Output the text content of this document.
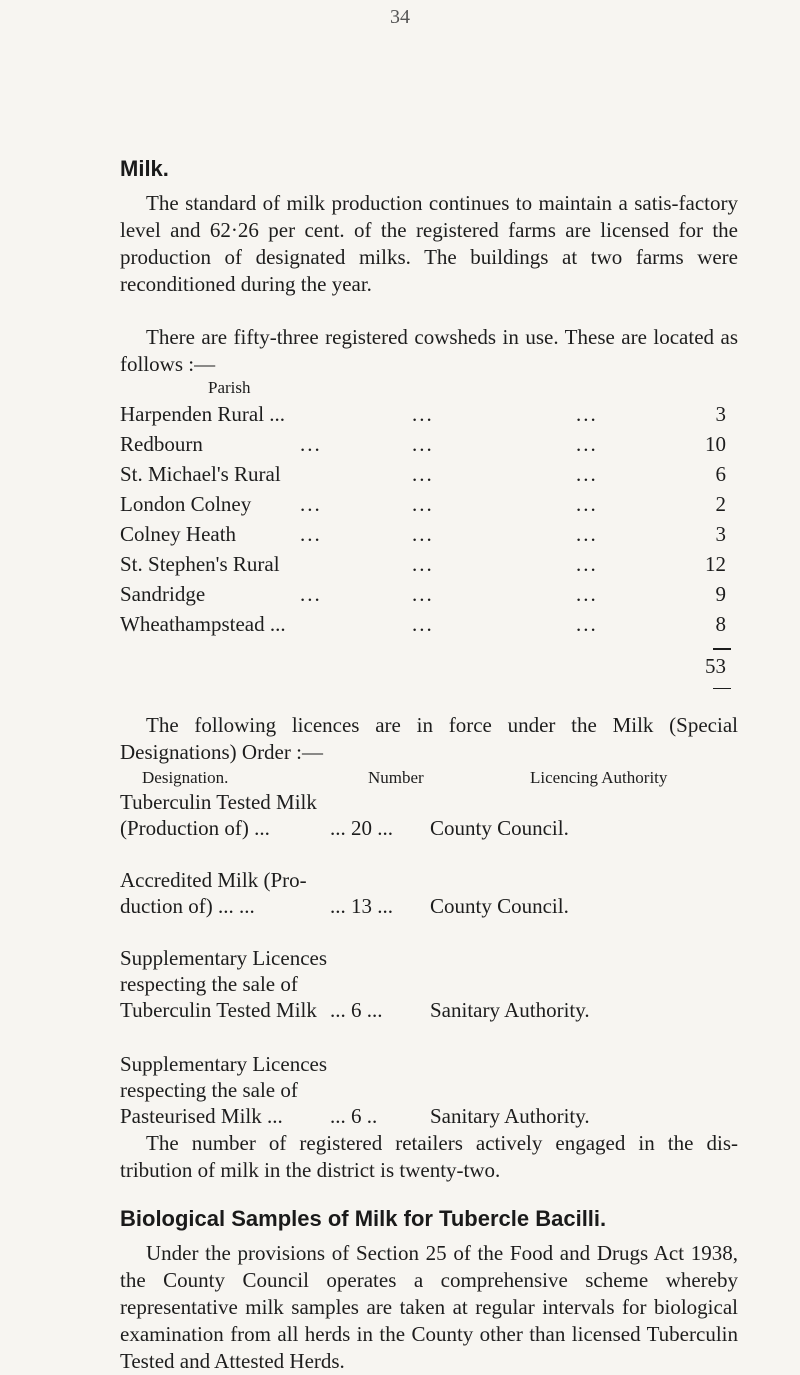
34
Milk.

The standard of milk production continues to maintain a satis-factory level and 62·26 per cent. of the registered farms are licensed for the production of designated milks. The buildings at two farms were reconditioned during the year.

There are fifty-three registered cowsheds in use. These are located as follows :—

Parish
Harpenden Rural ...	...	...	3
Redbourn	...	...	...	10
St. Michael's Rural	...	...	6
London Colney ...	...	...	2
Colney Heath	...	...	...	3
St. Stephen's Rural	...	...	12
Sandridge	...	...	...	9
Wheathampstead ...	...	...	8
53

The following licences are in force under the Milk (Special Designations) Order :—

Designation.	Number	Licencing Authority
Tuberculin Tested Milk
(Production of) ...	... 20 ... County Council.
Accredited Milk (Pro-
duction of) ... ...	... 13 ... County Council.
Supplementary Licences
respecting the sale of
Tuberculin Tested Milk ... 6 ... Sanitary Authority.
Supplementary Licences
respecting the sale of
Pasteurised Milk ... ... 6 ..	Sanitary Authority.

The number of registered retailers actively engaged in the dis-tribution of milk in the district is twenty-two.

Biological Samples of Milk for Tubercle Bacilli.

Under the provisions of Section 25 of the Food and Drugs Act 1938, the County Council operates a comprehensive scheme whereby representative milk samples are taken at regular intervals for biological examination from all herds in the County other than licensed Tuberculin Tested and Attested Herds.
